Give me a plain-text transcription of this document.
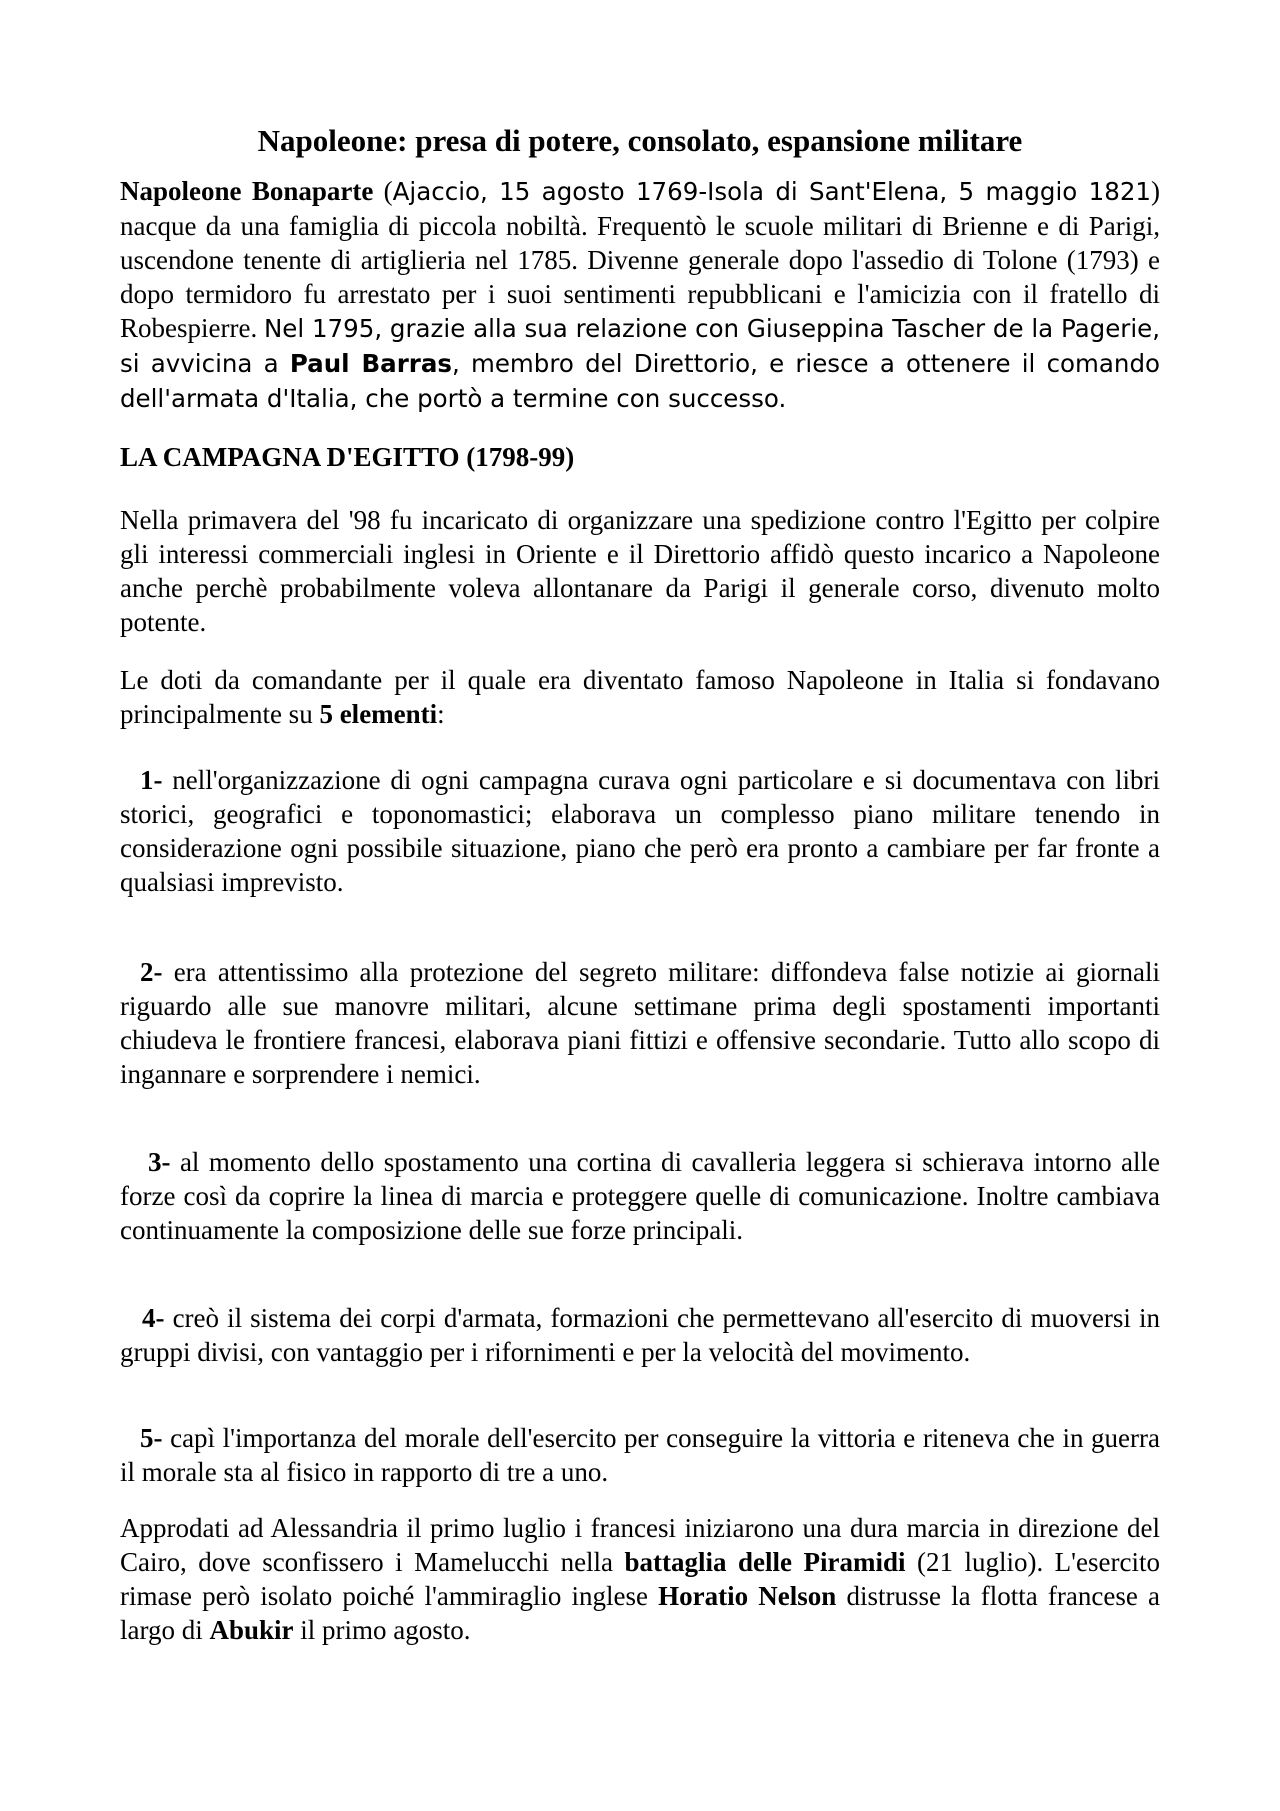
Napoleone: presa di potere, consolato, espansione militare

Napoleone Bonaparte (Ajaccio, 15 agosto 1769-Isola di Sant'Elena, 5 maggio 1821) nacque da una famiglia di piccola nobiltà. Frequentò le scuole militari di Brienne e di Parigi, uscendone tenente di artiglieria nel 1785. Divenne generale dopo l'assedio di Tolone (1793) e dopo termidoro fu arrestato per i suoi sentimenti repubblicani e l'amicizia con il fratello di Robespierre. Nel 1795, grazie alla sua relazione con Giuseppina Tascher de la Pagerie, si avvicina a Paul Barras, membro del Direttorio, e riesce a ottenere il comando dell'armata d'Italia, che portò a termine con successo.

LA CAMPAGNA D'EGITTO (1798-99)

Nella primavera del '98 fu incaricato di organizzare una spedizione contro l'Egitto per colpire gli interessi commerciali inglesi in Oriente e il Direttorio affidò questo incarico a Napoleone anche perchè probabilmente voleva allontanare da Parigi il generale corso, divenuto molto potente.

Le doti da comandante per il quale era diventato famoso Napoleone in Italia si fondavano principalmente su 5 elementi:

1- nell'organizzazione di ogni campagna curava ogni particolare e si documentava con libri storici, geografici e toponomastici; elaborava un complesso piano militare tenendo in considerazione ogni possibile situazione, piano che però era pronto a cambiare per far fronte a qualsiasi imprevisto.

2- era attentissimo alla protezione del segreto militare: diffondeva false notizie ai giornali riguardo alle sue manovre militari, alcune settimane prima degli spostamenti importanti chiudeva le frontiere francesi, elaborava piani fittizi e offensive secondarie. Tutto allo scopo di ingannare e sorprendere i nemici.

3- al momento dello spostamento una cortina di cavalleria leggera si schierava intorno alle forze così da coprire la linea di marcia e proteggere quelle di comunicazione. Inoltre cambiava continuamente la composizione delle sue forze principali.

4- creò il sistema dei corpi d'armata, formazioni che permettevano all'esercito di muoversi in gruppi divisi, con vantaggio per i rifornimenti e per la velocità del movimento.

5- capì l'importanza del morale dell'esercito per conseguire la vittoria e riteneva che in guerra il morale sta al fisico in rapporto di tre a uno.

Approdati ad Alessandria il primo luglio i francesi iniziarono una dura marcia in direzione del Cairo, dove sconfissero i Mamelucchi nella battaglia delle Piramidi (21 luglio). L'esercito rimase però isolato poiché l'ammiraglio inglese Horatio Nelson distrusse la flotta francese a largo di Abukir il primo agosto.
